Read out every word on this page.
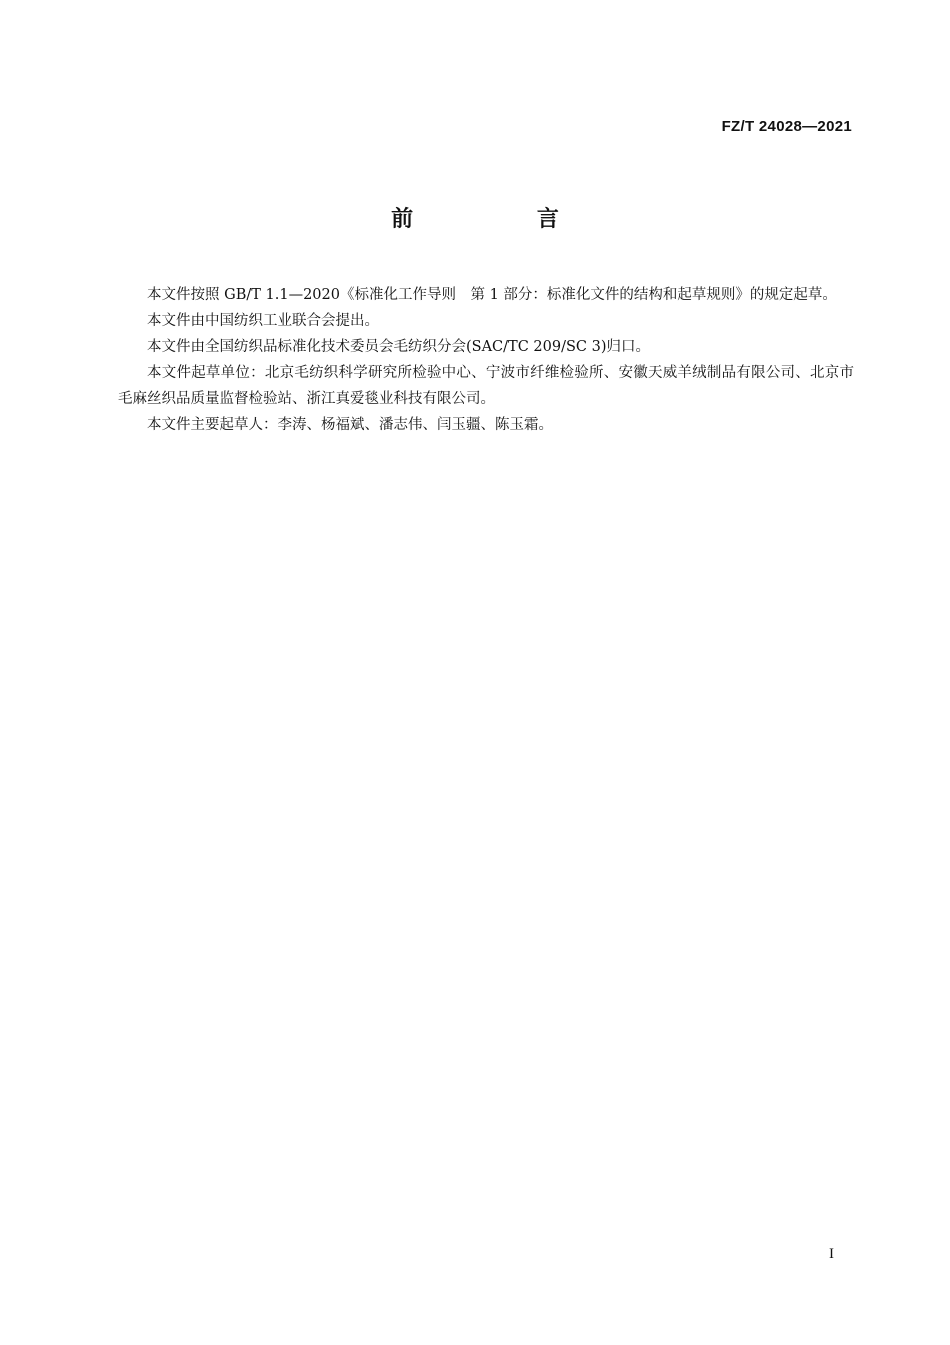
FZ/T 24028—2021
前 言

本文件按照 GB/T 1.1—2020《标准化工作导则　第 1 部分：标准化文件的结构和起草规则》的规定起草。

本文件由中国纺织工业联合会提出。

本文件由全国纺织品标准化技术委员会毛纺织分会(SAC/TC 209/SC 3)归口。

本文件起草单位：北京毛纺织科学研究所检验中心、宁波市纤维检验所、安徽天威羊绒制品有限公司、北京市毛麻丝织品质量监督检验站、浙江真爱毯业科技有限公司。

本文件主要起草人：李涛、杨福斌、潘志伟、闫玉疆、陈玉霜。

I
